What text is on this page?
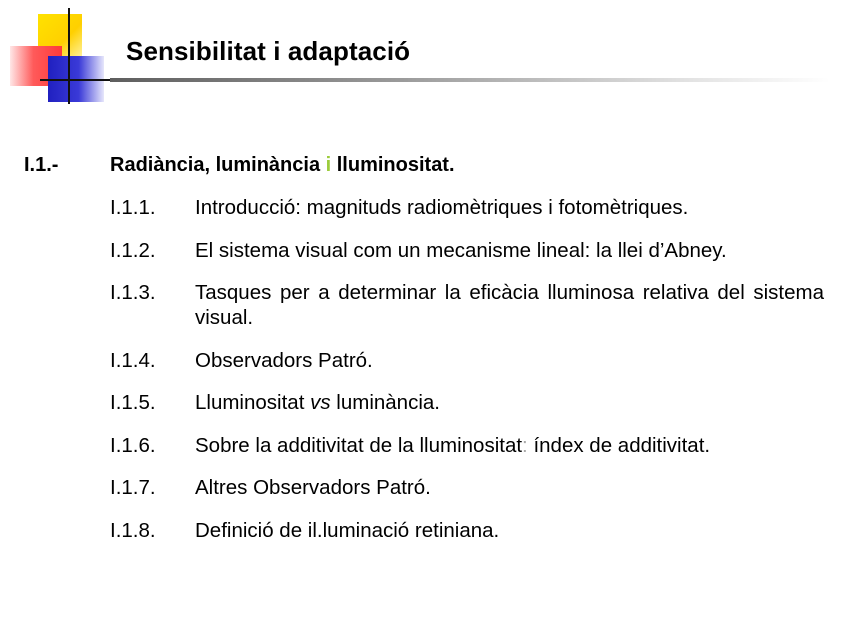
Sensibilitat i adaptació
I.1.-	Radiància, luminància i lluminositat.
I.1.1.	Introducció: magnituds radiomètriques i fotomètriques.
I.1.2.	El sistema visual com un mecanisme lineal: la llei d’Abney.
I.1.3.	Tasques per a determinar la eficàcia lluminosa relativa del sistema visual.
I.1.4.	Observadors Patró.
I.1.5.	Lluminositat vs luminància.
I.1.6.	Sobre la additivitat de la lluminositat: índex de additivitat.
I.1.7.	Altres Observadors Patró.
I.1.8.	Definició de il.luminació retiniana.
